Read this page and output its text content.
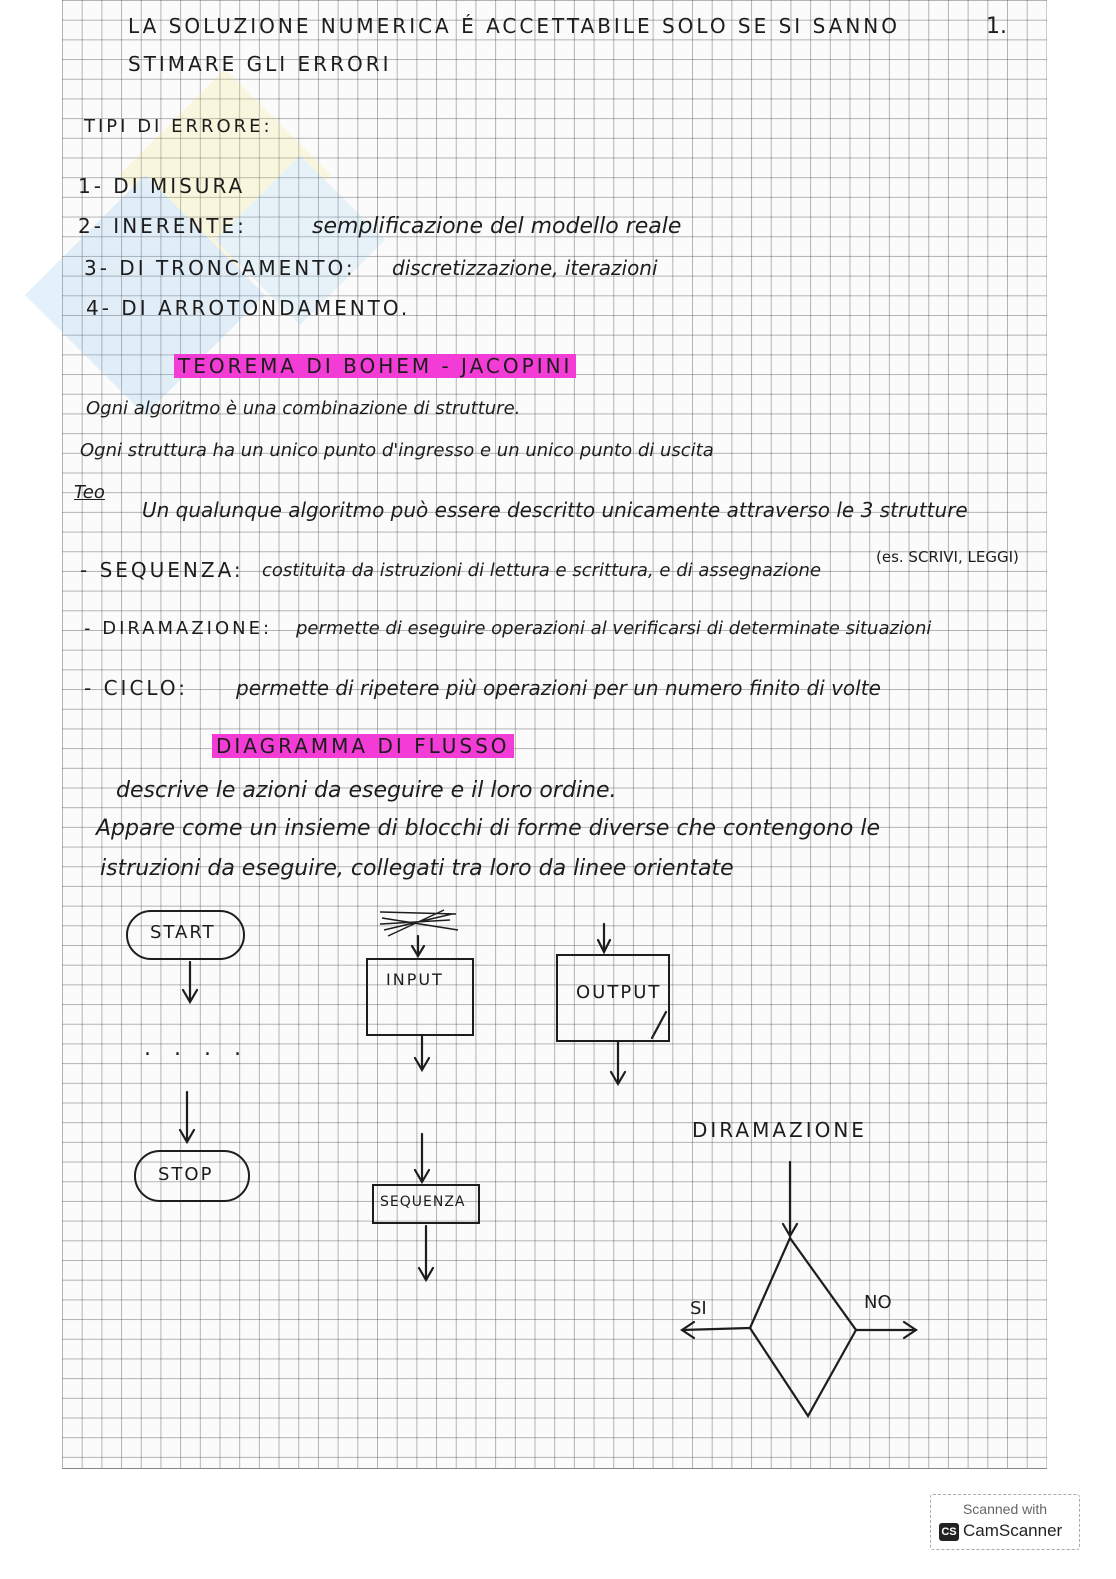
LA SOLUZIONE NUMERICA É ACCETTABILE SOLO SE SI SANNO
STIMARE GLI ERRORI
1.
TIPI DI ERRORE:
1- DI MISURA
2- INERENTE:	semplificazione del modello reale
3- DI TRONCAMENTO: discretizzazione, iterazioni
4- DI ARROTONDAMENTO.
TEOREMA DI BOHEM - JACOPINI
Ogni algoritmo è una combinazione di strutture.
Ogni struttura ha un unico punto d'ingresso e un unico punto di uscita
Teo
Un qualunque algoritmo può essere descritto unicamente attraverso le 3 strutture
- SEQUENZA: costituita da istruzioni di lettura e scrittura, e di assegnazione
(es. SCRIVI, LEGGI)
- DIRAMAZIONE: permette di eseguire operazioni al verificarsi di determinate situazioni
- CICLO: permette di ripetere più operazioni per un numero finito di volte
DIAGRAMMA DI FLUSSO
descrive le azioni da eseguire e il loro ordine.
Appare come un insieme di blocchi di forme diverse che contengono le
istruzioni da eseguire, collegati tra loro da linee orientate
START
. . . .
STOP
INPUT
OUTPUT
SEQUENZA
DIRAMAZIONE
SI	NO
Scanned with
CS CamScanner
